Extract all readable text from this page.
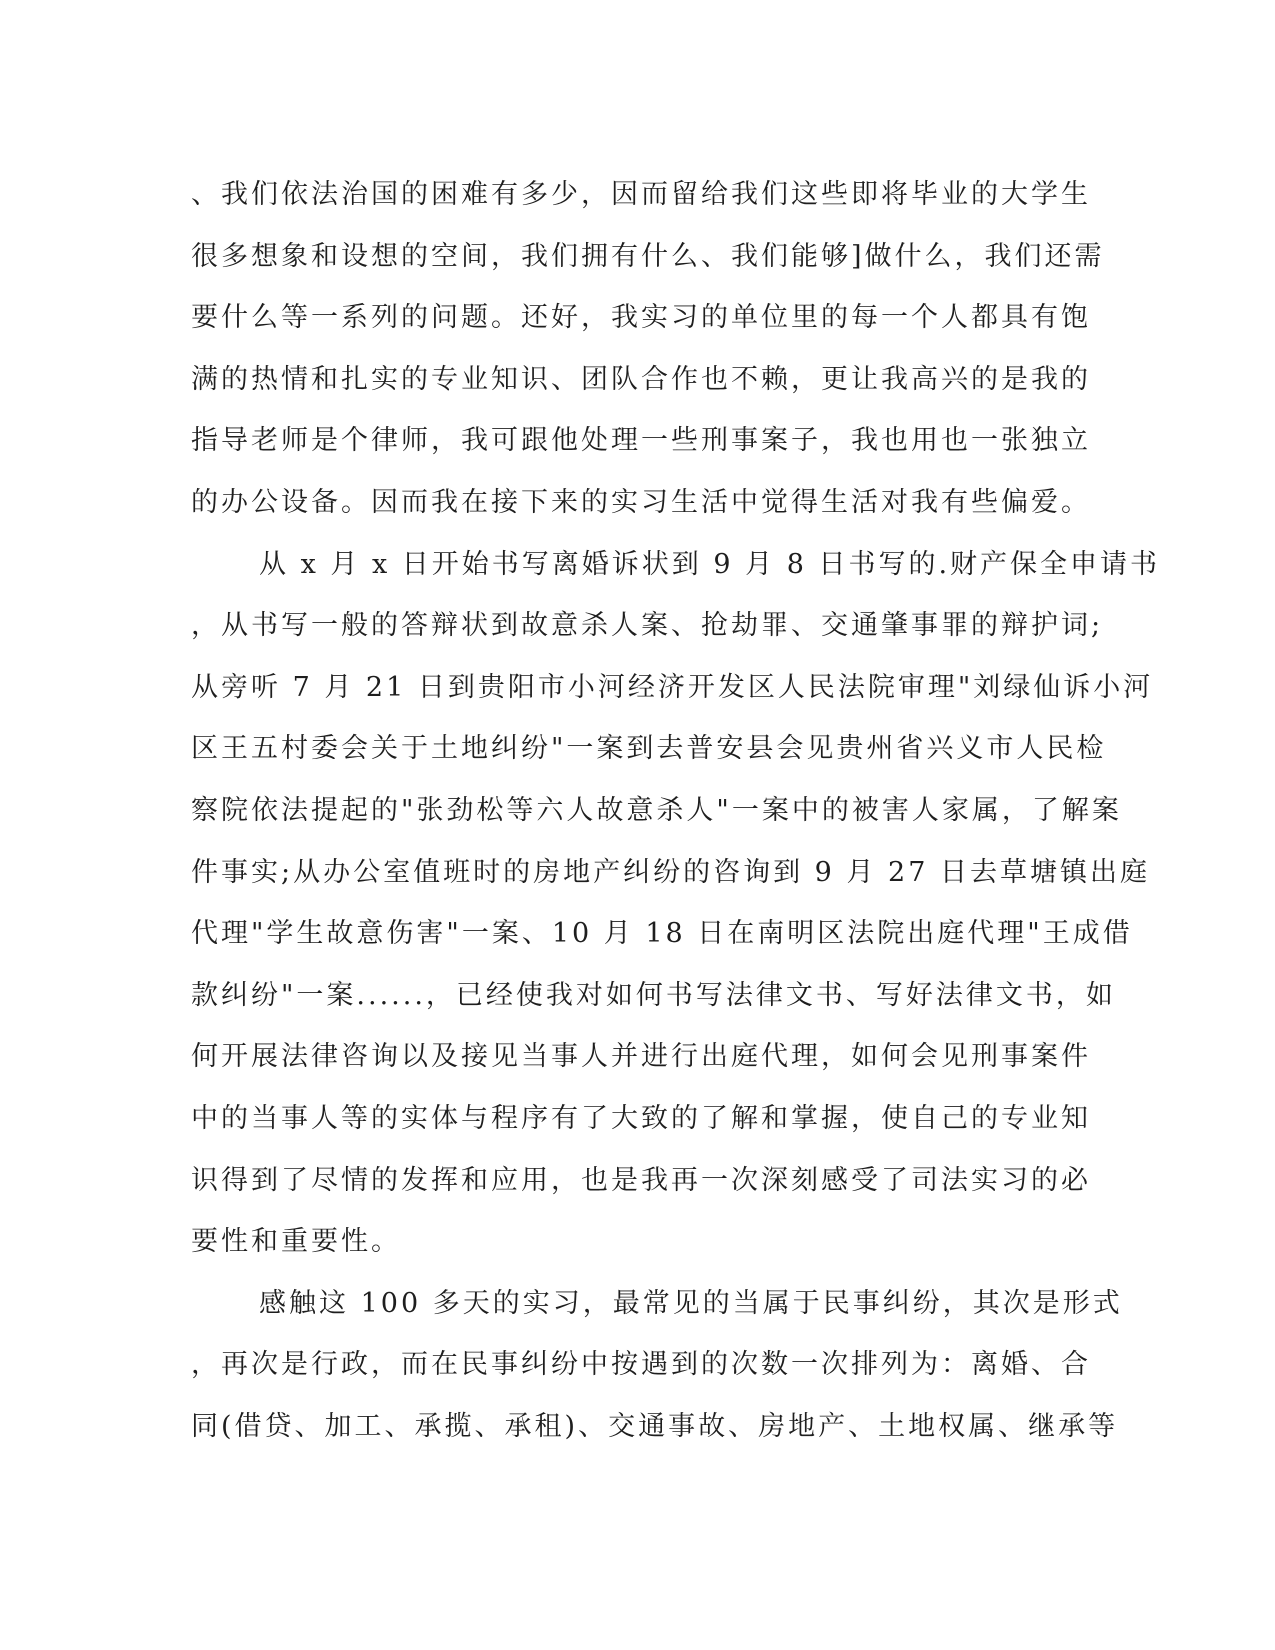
、我们依法治国的困难有多少，因而留给我们这些即将毕业的大学生
很多想象和设想的空间，我们拥有什么、我们能够]做什么，我们还需
要什么等一系列的问题。还好，我实习的单位里的每一个人都具有饱
满的热情和扎实的专业知识、团队合作也不赖，更让我高兴的是我的
指导老师是个律师，我可跟他处理一些刑事案子，我也用也一张独立
的办公设备。因而我在接下来的实习生活中觉得生活对我有些偏爱。
从 x 月 x 日开始书写离婚诉状到 9 月 8 日书写的.财产保全申请书
，从书写一般的答辩状到故意杀人案、抢劫罪、交通肇事罪的辩护词;
从旁听 7 月 21 日到贵阳市小河经济开发区人民法院审理"刘绿仙诉小河
区王五村委会关于土地纠纷"一案到去普安县会见贵州省兴义市人民检
察院依法提起的"张劲松等六人故意杀人"一案中的被害人家属，了解案
件事实;从办公室值班时的房地产纠纷的咨询到 9 月 27 日去草塘镇出庭
代理"学生故意伤害"一案、10 月 18 日在南明区法院出庭代理"王成借
款纠纷"一案......，已经使我对如何书写法律文书、写好法律文书，如
何开展法律咨询以及接见当事人并进行出庭代理，如何会见刑事案件
中的当事人等的实体与程序有了大致的了解和掌握，使自己的专业知
识得到了尽情的发挥和应用，也是我再一次深刻感受了司法实习的必
要性和重要性。
感触这 100 多天的实习，最常见的当属于民事纠纷，其次是形式
，再次是行政，而在民事纠纷中按遇到的次数一次排列为：离婚、合
同(借贷、加工、承揽、承租)、交通事故、房地产、土地权属、继承等
